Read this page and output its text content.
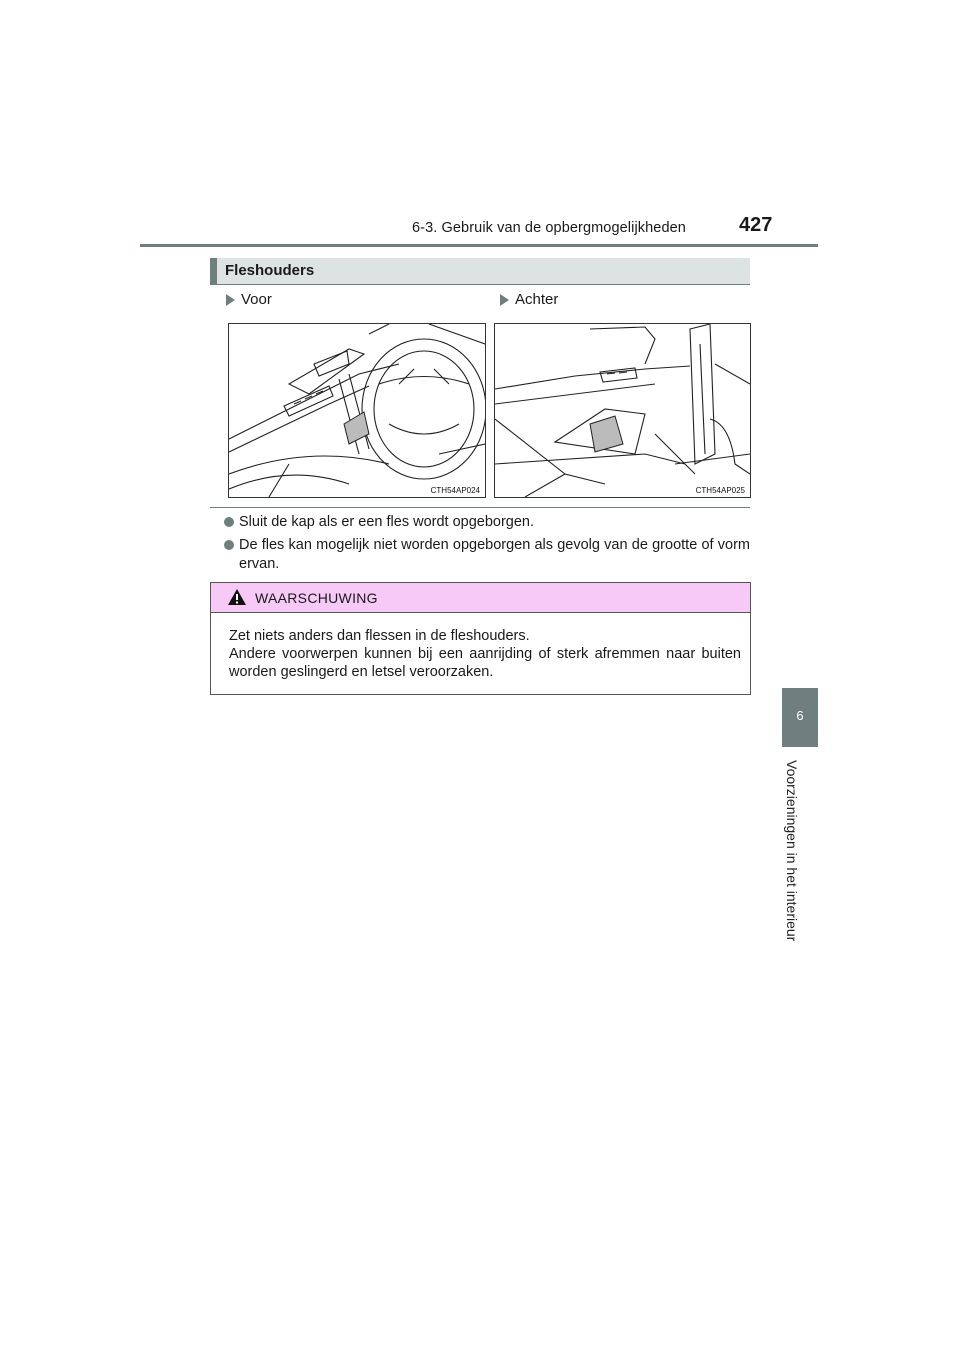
6-3. Gebruik van de opbergmogelijkheden	427
Fleshouders
Voor	Achter
CTH54AP024	CTH54AP025
Sluit de kap als er een fles wordt opgeborgen.
De fles kan mogelijk niet worden opgeborgen als gevolg van de grootte of vorm ervan.
WAARSCHUWING
Zet niets anders dan flessen in de fleshouders.
Andere voorwerpen kunnen bij een aanrijding of sterk afremmen naar buiten worden geslingerd en letsel veroorzaken.
6
Voorzieningen in het interieur
